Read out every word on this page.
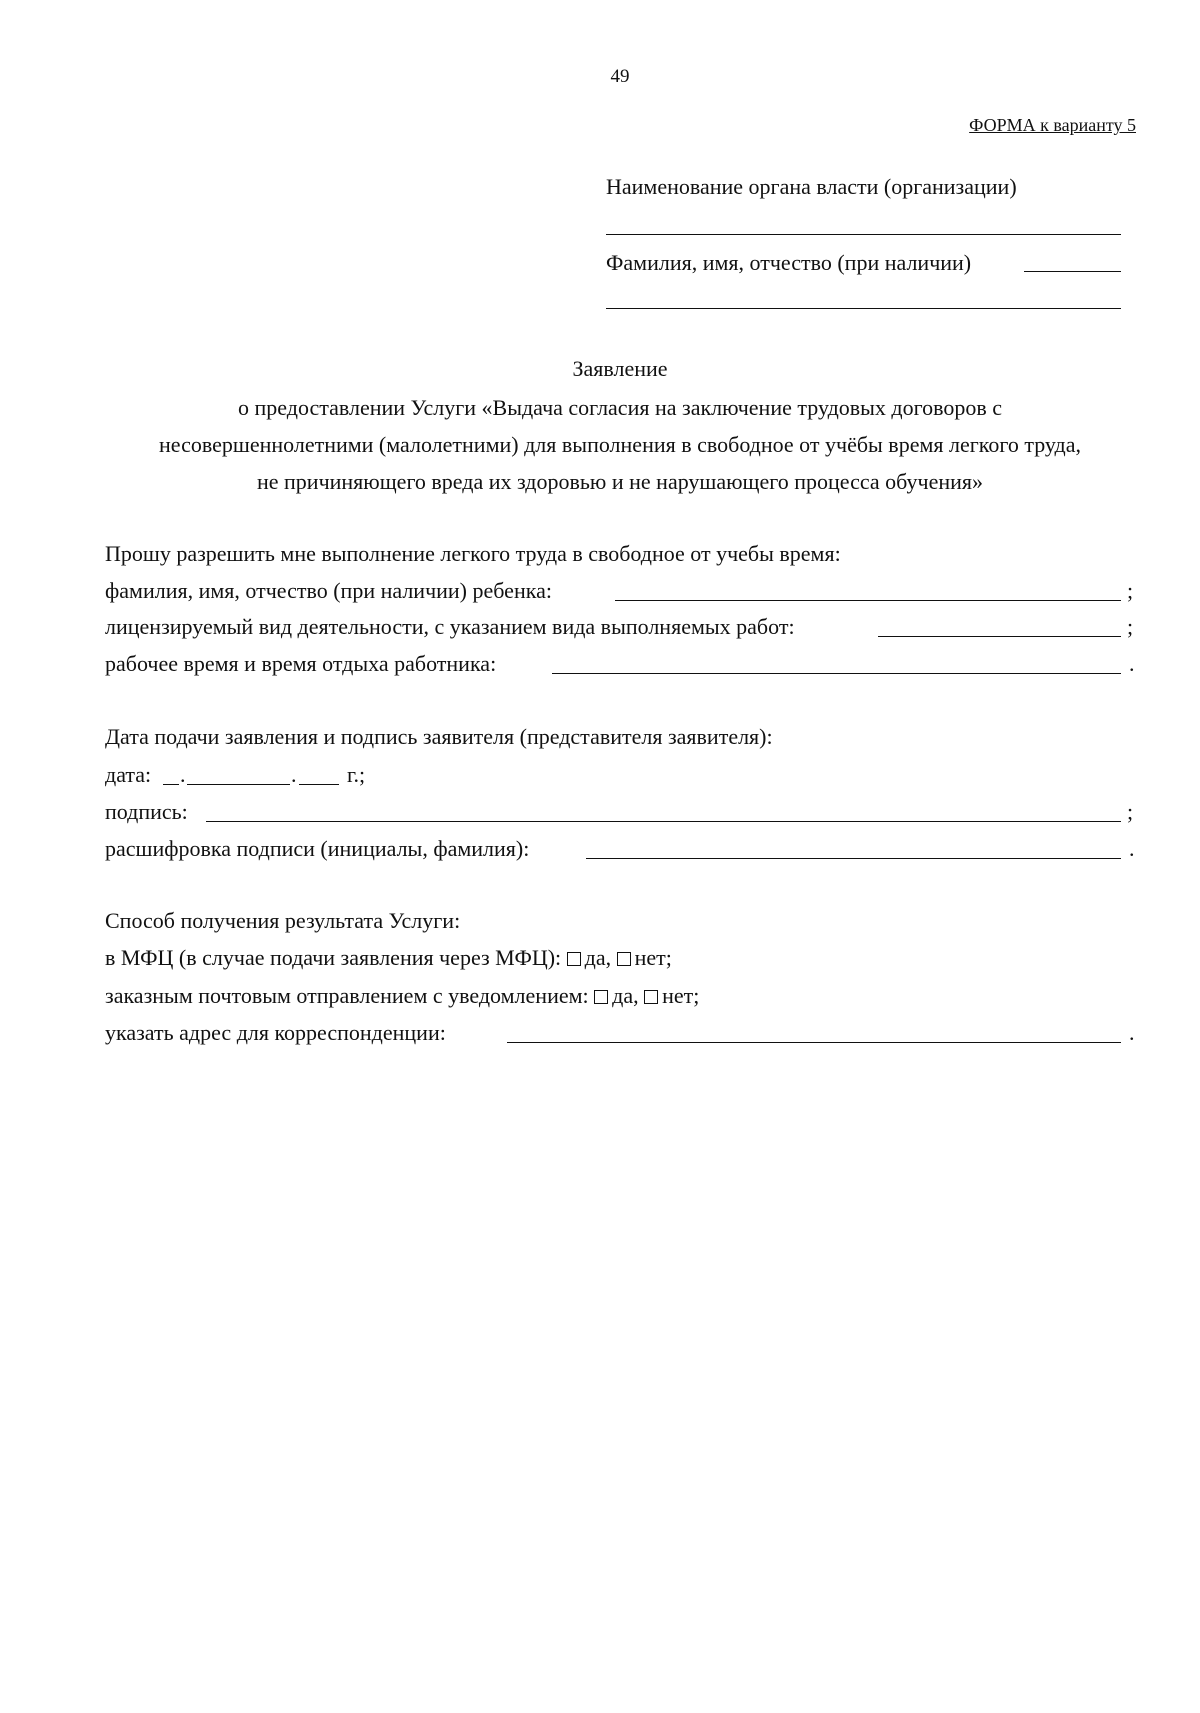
49
ФОРМА к варианту 5
Наименование органа власти (организации)
Фамилия, имя, отчество (при наличии)
Заявление
о предоставлении Услуги «Выдача согласия на заключение трудовых договоров с
несовершеннолетними (малолетними) для выполнения в свободное от учёбы время легкого труда,
не причиняющего вреда их здоровью и не нарушающего процесса обучения»
Прошу разрешить мне выполнение легкого труда в свободное от учебы время:
фамилия, имя, отчество (при наличии) ребенка:	;
лицензируемый вид деятельности, с указанием вида выполняемых работ:	;
рабочее время и время отдыха работника:	.
Дата подачи заявления и подпись заявителя (представителя заявителя):
дата: .	. г.;
подпись:	;
расшифровка подписи (инициалы, фамилия):	.
Способ получения результата Услуги:
в МФЦ (в случае подачи заявления через МФЦ): да, нет;
заказным почтовым отправлением с уведомлением: да, нет;
указать адрес для корреспонденции:	.
